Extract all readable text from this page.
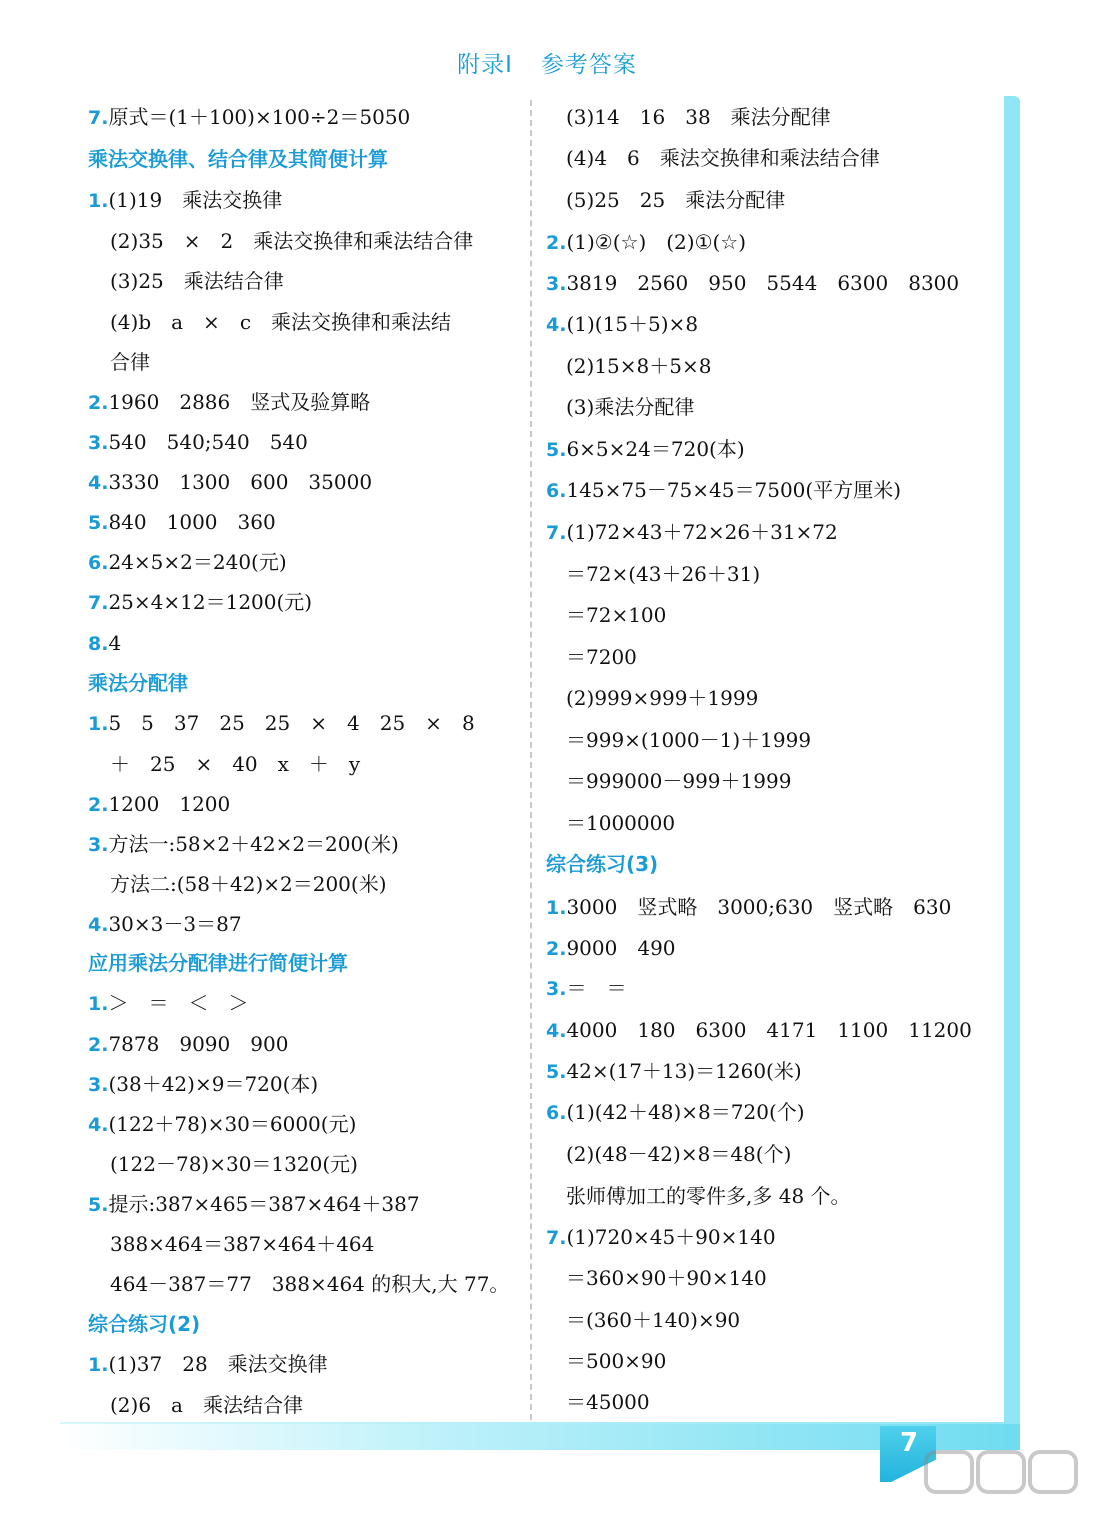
附录Ⅰ 参考答案
7.原式＝(1＋100)×100÷2＝5050
乘法交换律、结合律及其简便计算
1.(1)19　乘法交换律
(2)35　×　2　乘法交换律和乘法结合律
(3)25　乘法结合律
(4)b　a　×　c　乘法交换律和乘法结
合律
2.1960　2886　竖式及验算略
3.540　540;540　540
4.3330　1300　600　35000
5.840　1000　360
6.24×5×2＝240(元)
7.25×4×12＝1200(元)
8.4
乘法分配律
1.5　5　37　25　25　×　4　25　×　8
＋　25　×　40　x　＋　y
2.1200　1200
3.方法一:58×2＋42×2＝200(米)
方法二:(58＋42)×2＝200(米)
4.30×3－3＝87
应用乘法分配律进行简便计算
1.＞　＝　＜　＞
2.7878　9090　900
3.(38＋42)×9＝720(本)
4.(122＋78)×30＝6000(元)
(122－78)×30＝1320(元)
5.提示:387×465＝387×464＋387
388×464＝387×464＋464
464－387＝77　388×464 的积大,大 77。
综合练习(2)
1.(1)37　28　乘法交换律
(2)6　a　乘法结合律
(3)14　16　38　乘法分配律
(4)4　6　乘法交换律和乘法结合律
(5)25　25　乘法分配律
2.(1)②(☆)　(2)①(☆)
3.3819　2560　950　5544　6300　8300
4.(1)(15＋5)×8
(2)15×8＋5×8
(3)乘法分配律
5.6×5×24＝720(本)
6.145×75－75×45＝7500(平方厘米)
7.(1)72×43＋72×26＋31×72
＝72×(43＋26＋31)
＝72×100
＝7200
(2)999×999＋1999
＝999×(1000－1)＋1999
＝999000－999＋1999
＝1000000
综合练习(3)
1.3000　竖式略　3000;630　竖式略　630
2.9000　490
3.＝　＝
4.4000　180　6300　4171　1100　11200
5.42×(17＋13)＝1260(米)
6.(1)(42＋48)×8＝720(个)
(2)(48－42)×8＝48(个)
张师傅加工的零件多,多 48 个。
7.(1)720×45＋90×140
＝360×90＋90×140
＝(360＋140)×90
＝500×90
＝45000
7
